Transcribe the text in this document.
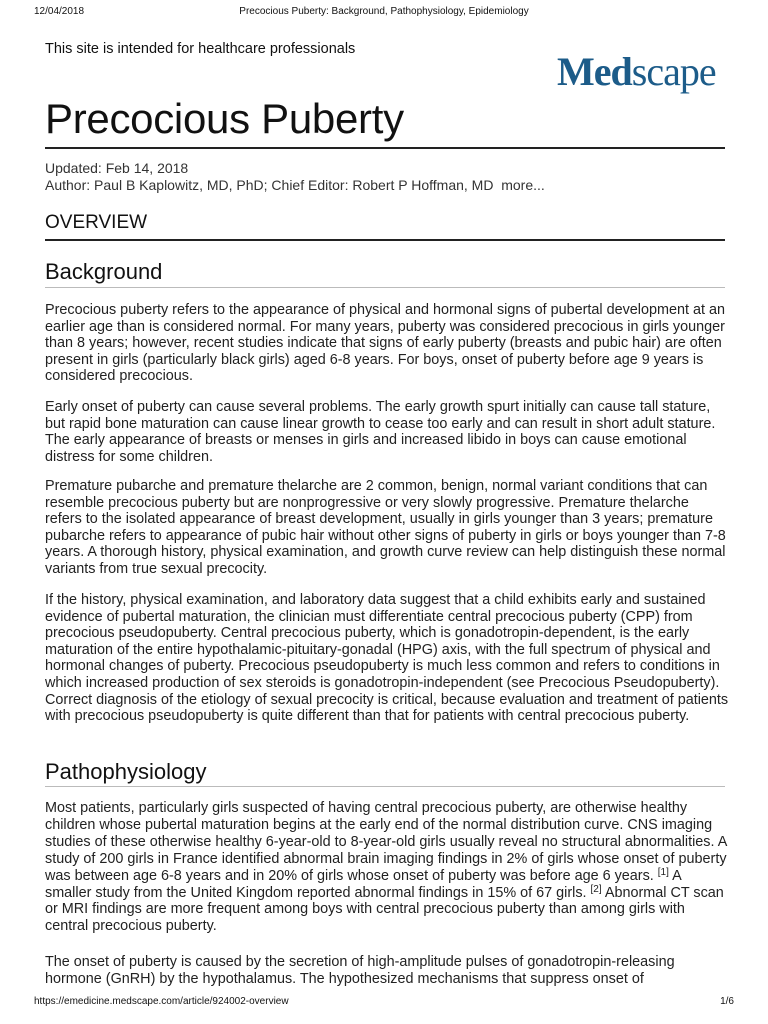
12/04/2018	Precocious Puberty: Background, Pathophysiology, Epidemiology
This site is intended for healthcare professionals	Medscape
Precocious Puberty
Updated: Feb 14, 2018
Author: Paul B Kaplowitz, MD, PhD; Chief Editor: Robert P Hoffman, MD more...
OVERVIEW
Background

Precocious puberty refers to the appearance of physical and hormonal signs of pubertal development at an earlier age than is considered normal. For many years, puberty was considered precocious in girls younger than 8 years; however, recent studies indicate that signs of early puberty (breasts and pubic hair) are often present in girls (particularly black girls) aged 6-8 years. For boys, onset of puberty before age 9 years is considered precocious.

Early onset of puberty can cause several problems. The early growth spurt initially can cause tall stature, but rapid bone maturation can cause linear growth to cease too early and can result in short adult stature. The early appearance of breasts or menses in girls and increased libido in boys can cause emotional distress for some children.

Premature pubarche and premature thelarche are 2 common, benign, normal variant conditions that can resemble precocious puberty but are nonprogressive or very slowly progressive. Premature thelarche refers to the isolated appearance of breast development, usually in girls younger than 3 years; premature pubarche refers to appearance of pubic hair without other signs of puberty in girls or boys younger than 7-8 years. A thorough history, physical examination, and growth curve review can help distinguish these normal variants from true sexual precocity.

If the history, physical examination, and laboratory data suggest that a child exhibits early and sustained evidence of pubertal maturation, the clinician must differentiate central precocious puberty (CPP) from precocious pseudopuberty. Central precocious puberty, which is gonadotropin-dependent, is the early maturation of the entire hypothalamic-pituitary-gonadal (HPG) axis, with the full spectrum of physical and hormonal changes of puberty. Precocious pseudopuberty is much less common and refers to conditions in which increased production of sex steroids is gonadotropin-independent (see Precocious Pseudopuberty). Correct diagnosis of the etiology of sexual precocity is critical, because evaluation and treatment of patients with precocious pseudopuberty is quite different than that for patients with central precocious puberty.

Pathophysiology

Most patients, particularly girls suspected of having central precocious puberty, are otherwise healthy children whose pubertal maturation begins at the early end of the normal distribution curve. CNS imaging studies of these otherwise healthy 6-year-old to 8-year-old girls usually reveal no structural abnormalities. A study of 200 girls in France identified abnormal brain imaging findings in 2% of girls whose onset of puberty was between age 6-8 years and in 20% of girls whose onset of puberty was before age 6 years. [1] A smaller study from the United Kingdom reported abnormal findings in 15% of 67 girls. [2] Abnormal CT scan or MRI findings are more frequent among boys with central precocious puberty than among girls with central precocious puberty.

The onset of puberty is caused by the secretion of high-amplitude pulses of gonadotropin-releasing hormone (GnRH) by the hypothalamus. The hypothesized mechanisms that suppress onset of

https://emedicine.medscape.com/article/924002-overview	1/6
